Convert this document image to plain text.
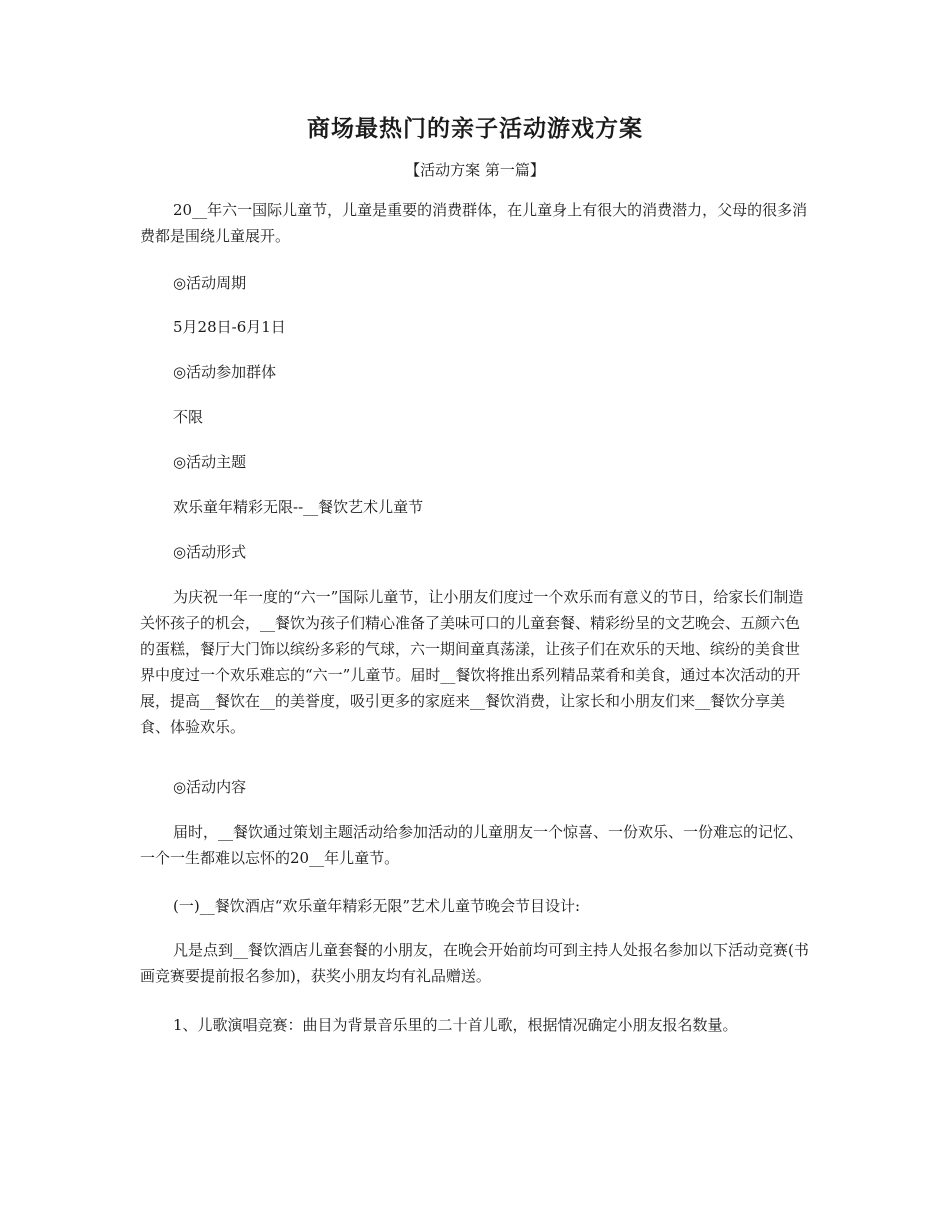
商场最热门的亲子活动游戏方案
【活动方案 第一篇】

20__年六一国际儿童节，儿童是重要的消费群体，在儿童身上有很大的消费潜力，父母的很多消费都是围绕儿童展开。

◎活动周期

5月28日-6月1日

◎活动参加群体

不限

◎活动主题

欢乐童年精彩无限--__餐饮艺术儿童节

◎活动形式

为庆祝一年一度的“六一”国际儿童节，让小朋友们度过一个欢乐而有意义的节日，给家长们制造关怀孩子的机会，__餐饮为孩子们精心准备了美味可口的儿童套餐、精彩纷呈的文艺晚会、五颜六色的蛋糕，餐厅大门饰以缤纷多彩的气球，六一期间童真荡漾，让孩子们在欢乐的天地、缤纷的美食世界中度过一个欢乐难忘的“六一”儿童节。届时__餐饮将推出系列精品菜肴和美食，通过本次活动的开展，提高__餐饮在__的美誉度，吸引更多的家庭来__餐饮消费，让家长和小朋友们来__餐饮分享美食、体验欢乐。

◎活动内容

届时，__餐饮通过策划主题活动给参加活动的儿童朋友一个惊喜、一份欢乐、一份难忘的记忆、一个一生都难以忘怀的20__年儿童节。

(一)__餐饮酒店“欢乐童年精彩无限”艺术儿童节晚会节目设计:

凡是点到__餐饮酒店儿童套餐的小朋友，在晚会开始前均可到主持人处报名参加以下活动竞赛(书画竞赛要提前报名参加)，获奖小朋友均有礼品赠送。

1、儿歌演唱竞赛：曲目为背景音乐里的二十首儿歌，根据情况确定小朋友报名数量。
